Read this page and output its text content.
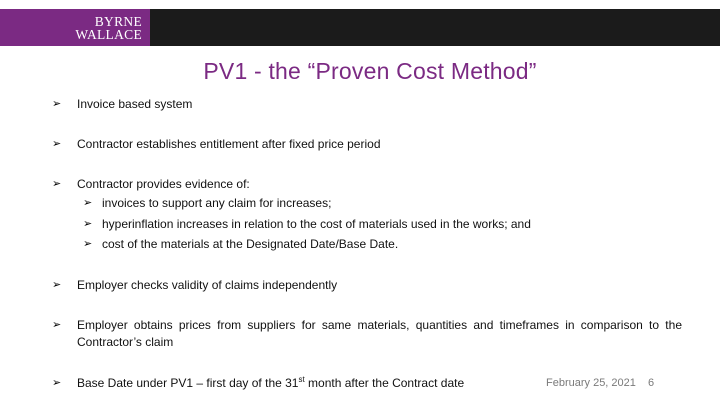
BYRNE
WALLACE
PV1 - the “Proven Cost Method”
➢	Invoice based system
➢	Contractor establishes entitlement after fixed price period
➢	Contractor provides evidence of:
➢ invoices to support any claim for increases;
➢ hyperinflation increases in relation to the cost of materials used in the works; and
➢ cost of the materials at the Designated Date/Base Date.
➢	Employer checks validity of claims independently
➢	Employer obtains prices from suppliers for same materials, quantities and timeframes in comparison to the Contractor’s claim
➢	Base Date under PV1 – first day of the 31st month after the Contract date	February 25, 2021 6
